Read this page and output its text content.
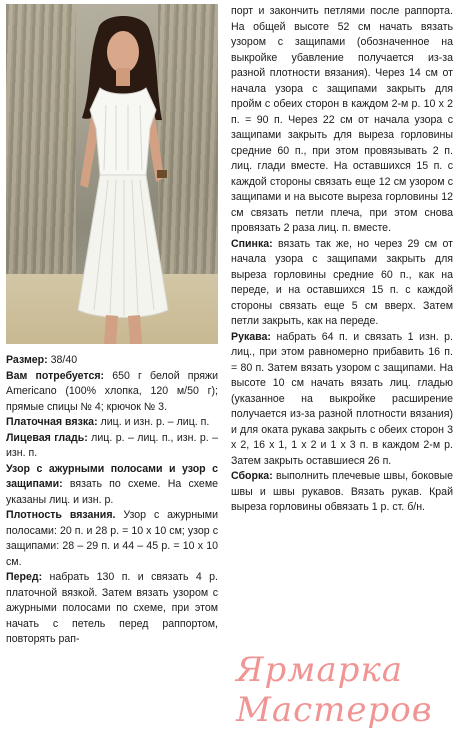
Размер: 38/40

Вам потребуется: 650 г белой пряжи Americano (100% хлопка, 120 м/50 г); прямые спицы № 4; крючок № 3.

Платочная вязка: лиц. и изн. р. – лиц. п.

Лицевая гладь: лиц. р. – лиц. п., изн. р. – изн. п.

Узор с ажурными полосами и узор с защипами: вязать по схеме. На схеме указаны лиц. и изн. р.

Плотность вязания. Узор с ажурными полосами: 20 п. и 28 р. = 10 х 10 см; узор с защипами: 28 – 29 п. и 44 – 45 р. = 10 х 10 см.

Перед: набрать 130 п. и связать 4 р. платочной вязкой. Затем вязать узором с ажурными полосами по схеме, при этом начать с петель перед раппортом, повторять рап-

порт и закончить петлями после раппорта. На общей высоте 52 см начать вязать узором с защипами (обозначенное на выкройке убавление получается из-за разной плотности вязания). Через 14 см от начала узора с защипами закрыть для пройм с обеих сторон в каждом 2-м р. 10 х 2 п. = 90 п. Через 22 см от начала узора с защипами закрыть для выреза горловины средние 60 п., при этом провязывать 2 п. лиц. глади вместе. На оставшихся 15 п. с каждой стороны связать еще 12 см узором с защипами и на высоте выреза горловины 12 см связать петли плеча, при этом снова провязать 2 раза лиц. п. вместе.

Спинка: вязать так же, но через 29 см от начала узора с защипами закрыть для выреза горловины средние 60 п., как на переде, и на оставшихся 15 п. с каждой стороны связать еще 5 см вверх. Затем петли закрыть, как на переде.

Рукава: набрать 64 п. и связать 1 изн. р. лиц., при этом равномерно прибавить 16 п. = 80 п. Затем вязать узором с защипами. На высоте 10 см начать вязать лиц. гладью (указанное на выкройке расширение получается из-за разной плотности вязания) и для оката рукава закрыть с обеих сторон 3 х 2, 16 х 1, 1 х 2 и 1 х 3 п. в каждом 2-м р. Затем закрыть оставшиеся 26 п.

Сборка: выполнить плечевые швы, боковые швы и швы рукавов. Вязать рукав. Край выреза горловины обвязать 1 р. ст. б/н.

Ярмарка Мастеров
